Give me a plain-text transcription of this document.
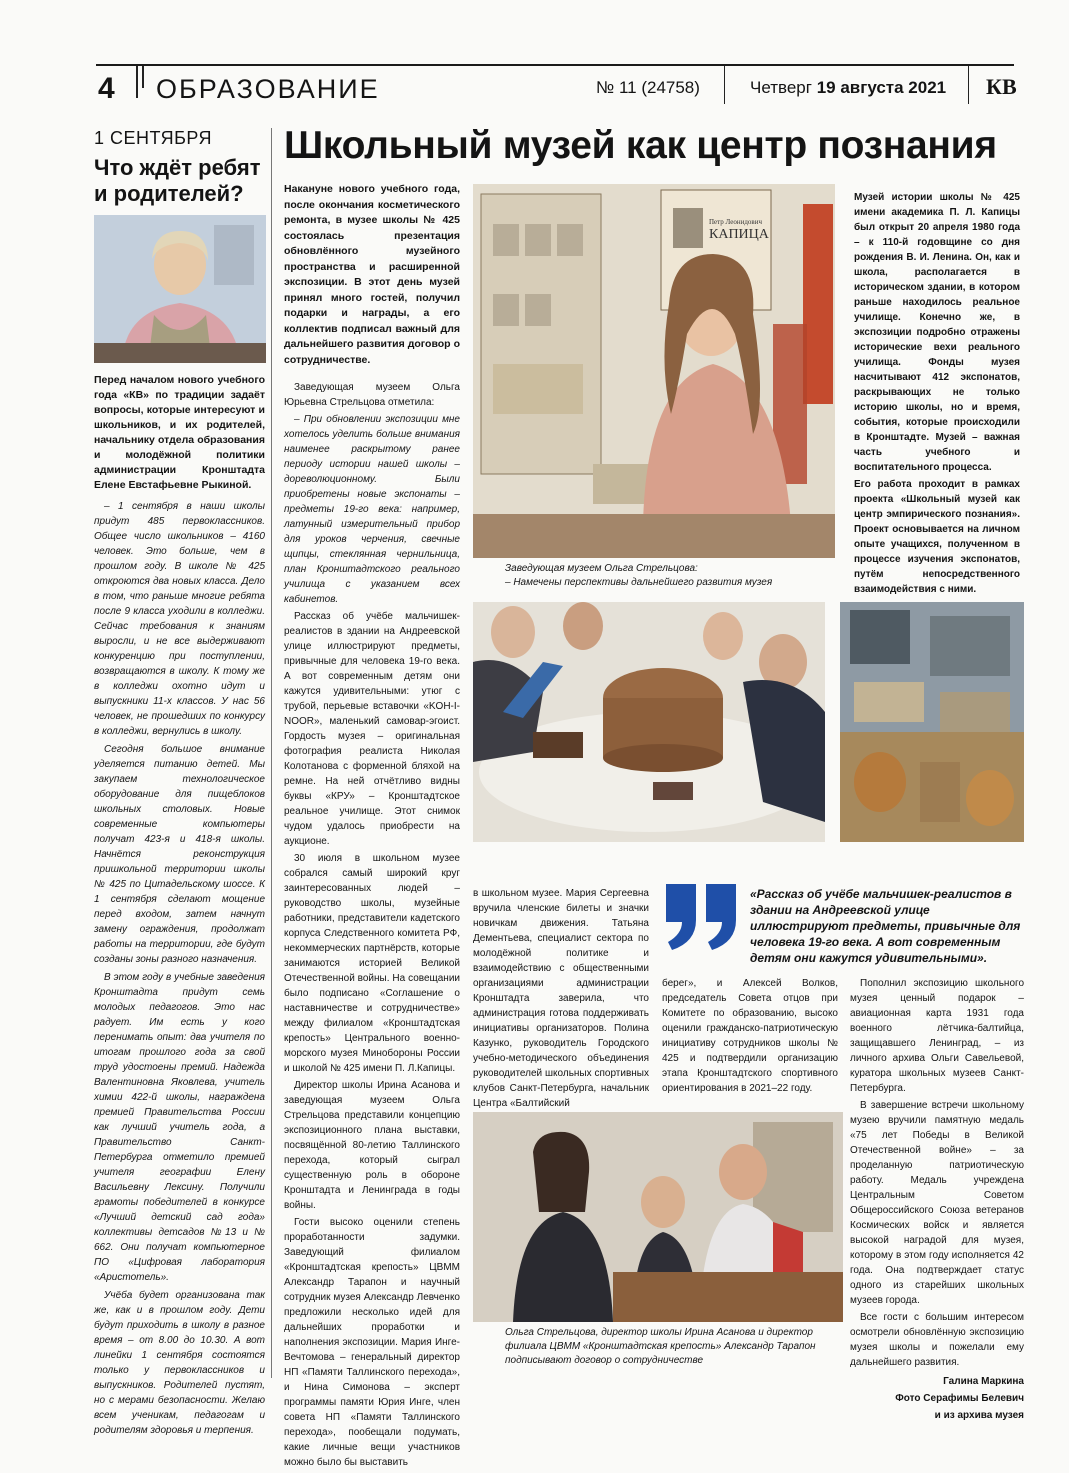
4 ОБРАЗОВАНИЕ	№ 11 (24758)	Четверг 19 августа 2021 КВ
1 СЕНТЯБРЯ
Что ждёт ребят и родителей?
Перед началом нового учебного года «КВ» по традиции задаёт вопросы, которые интересуют и школьников, и их родителей, начальнику отдела образования и молодёжной политики администрации Кронштадта Елене Евстафьевне Рыкиной.

– 1 сентября в наши школы придут 485 первоклассников. Общее число школьников – 4160 человек. Это больше, чем в прошлом году. В школе № 425 откроются два новых класса. Дело в том, что раньше многие ребята после 9 класса уходили в колледжи. Сейчас требования к знаниям выросли, и не все выдерживают конкуренцию при поступлении, возвращаются в школу. К тому же в колледжи охотно идут и выпускники 11-х классов. У нас 56 человек, не прошедших по конкурсу в колледжи, вернулись в школу.

Сегодня большое внимание уделяется питанию детей. Мы закупаем технологическое оборудование для пищеблоков школьных столовых. Новые современные компьютеры получат 423-я и 418-я школы. Начнётся реконструкция пришкольной территории школы № 425 по Цитадельскому шоссе. К 1 сентября сделают мощение перед входом, затем начнут замену ограждения, продолжат работы на территории, где будут созданы зоны разного назначения.

В этом году в учебные заведения Кронштадта придут семь молодых педагогов. Это нас радует. Им есть у кого перенимать опыт: два учителя по итогам прошлого года за свой труд удостоены премий. Надежда Валентиновна Яковлева, учитель химии 422-й школы, награждена премией Правительства России как лучший учитель года, а Правительство Санкт-Петербурга отметило премией учителя географии Елену Васильевну Лексину. Получили грамоты победителей в конкурсе «Лучший детский сад года» коллективы детсадов №13 и № 662. Они получат компьютерное ПО «Цифровая лаборатория «Аристотель».

Учёба будет организована так же, как и в прошлом году. Дети будут приходить в школу в разное время – от 8.00 до 10.30. А вот линейки 1 сентября состоятся только у первоклассников и выпускников. Родителей пустят, но с мерами безопасности. Желаю всем ученикам, педагогам и родителям здоровья и терпения.

Школьный музей как центр познания

Накануне нового учебного года, после окончания косметического ремонта, в музее школы № 425 состоялась презентация обновлённого музейного пространства и расширенной экспозиции. В этот день музей принял много гостей, получил подарки и награды, а его коллектив подписал важный для дальнейшего развития договор о сотрудничестве.

Заведующая музеем Ольга Юрьевна Стрельцова отметила:

– При обновлении экспозиции мне хотелось уделить больше внимания наименее раскрытому ранее периоду истории нашей школы – дореволюционному. Были приобретены новые экспонаты – предметы 19-го века: например, латунный измерительный прибор для уроков черчения, свечные щипцы, стеклянная чернильница, план Кронштадтского реального училища с указанием всех кабинетов.

Рассказ об учёбе мальчишек-реалистов в здании на Андреевской улице иллюстрируют предметы, привычные для человека 19-го века. А вот современным детям они кажутся удивительными: утюг с трубой, перьевые вставочки «KOH-I-NOOR», маленький самовар-эгоист. Гордость музея – оригинальная фотография реалиста Николая Колотанова с форменной бляхой на ремне. На ней отчётливо видны буквы «КРУ» – Кронштадтское реальное училище. Этот снимок чудом удалось приобрести на аукционе.

30 июля в школьном музее собрался самый широкий круг заинтересованных людей – руководство школы, музейные работники, представители кадетского корпуса Следственного комитета РФ, некоммерческих партнёрств, которые занимаются историей Великой Отечественной войны. На совещании было подписано «Соглашение о наставничестве и сотрудничестве» между филиалом «Кронштадтская крепость» Центрального военно-морского музея Минобороны России и школой № 425 имени П. Л.Капицы.

Директор школы Ирина Асанова и заведующая музеем Ольга Стрельцова представили концепцию экспозиционного плана выставки, посвящённой 80-летию Таллинского перехода, который сыграл существенную роль в обороне Кронштадта и Ленинграда в годы войны.

Гости высоко оценили степень проработанности задумки. Заведующий филиалом «Кронштадтская крепость» ЦВММ Александр Тарапон и научный сотрудник музея Александр Левченко предложили несколько идей для дальнейших проработки и наполнения экспозиции. Мария Инге-Вечтомова – генеральный директор НП «Памяти Таллинского перехода», и Нина Симонова – эксперт программы памяти Юрия Инге, член совета НП «Памяти Таллинского перехода», пообещали подумать, какие личные вещи участников можно было бы выставить

КАПИЦА
Петр Леонидович
Заведующая музеем Ольга Стрельцова:
– Намечены перспективы дальнейшего развития музея

Музей истории школы № 425 имени академика П. Л. Капицы был открыт 20 апреля 1980 года – к 110-й годовщине со дня рождения В. И. Ленина. Он, как и школа, располагается в историческом здании, в котором раньше находилось реальное училище. Конечно же, в экспозиции подробно отражены исторические вехи реального училища. Фонды музея насчитывают 412 экспонатов, раскрывающих не только историю школы, но и время, события, которые происходили в Кронштадте. Музей – важная часть учебного и воспитательного процесса.

Его работа проходит в рамках проекта «Школьный музей как центр эмпирического познания». Проект основывается на личном опыте учащихся, полученном в процессе изучения экспонатов, путём непосредственного взаимодействия с ними.

в школьном музее. Мария Сергеевна вручила членские билеты и значки новичкам движения. Татьяна Дементьева, специалист сектора по молодёжной политике и взаимодействию с общественными организациями администрации Кронштадта заверила, что администрация готова поддерживать инициативы организаторов. Полина Казунко, руководитель Городского учебно-методического объединения руководителей школьных спортивных клубов Санкт-Петербурга, начальник Центра «Балтийский

«Рассказ об учёбе мальчишек-реалистов в здании на Андреевской улице иллюстрируют предметы, привычные для человека 19-го века. А вот современным детям они кажутся удивительными».

берег», и Алексей Волков, председатель Совета отцов при Комитете по образованию, высоко оценили гражданско-патриотическую инициативу сотрудников школы № 425 и подтвердили организацию этапа Кронштадтского спортивного ориентирования в 2021–22 году.

Пополнил экспозицию школьного музея ценный подарок – авиационная карта 1931 года военного лётчика-балтийца, защищавшего Ленинград, – из личного архива Ольги Савельевой, куратора школьных музеев Санкт-Петербурга.

В завершение встречи школьному музею вручили памятную медаль «75 лет Победы в Великой Отечественной войне» – за проделанную патриотическую работу. Медаль учреждена Центральным Советом Общероссийского Союза ветеранов Космических войск и является высокой наградой для музея, которому в этом году исполняется 42 года. Она подтверждает статус одного из старейших школьных музеев города.

Все гости с большим интересом осмотрели обновлённую экспозицию музея школы и пожелали ему дальнейшего развития.

Галина Маркина

Фото Серафимы Белевич

и из архива музея

Ольга Стрельцова, директор школы Ирина Асанова и директор филиала ЦВММ «Кронштадтская крепость» Александр Тарапон подписывают договор о сотрудничестве
